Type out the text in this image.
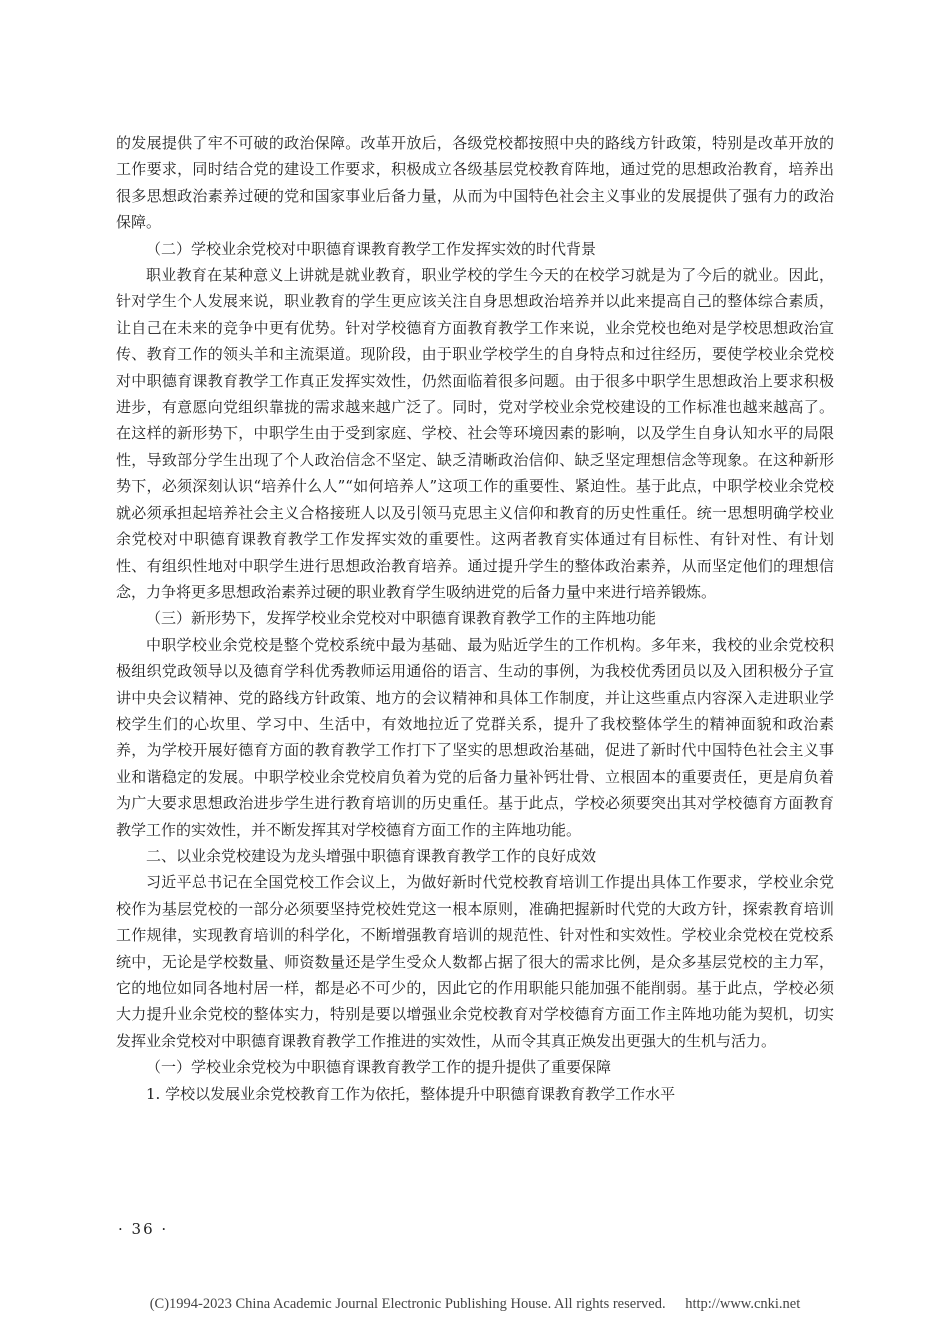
的发展提供了牢不可破的政治保障。改革开放后，各级党校都按照中央的路线方针政策，特别是改革开放的工作要求，同时结合党的建设工作要求，积极成立各级基层党校教育阵地，通过党的思想政治教育，培养出很多思想政治素养过硬的党和国家事业后备力量，从而为中国特色社会主义事业的发展提供了强有力的政治保障。

（二）学校业余党校对中职德育课教育教学工作发挥实效的时代背景

职业教育在某种意义上讲就是就业教育，职业学校的学生今天的在校学习就是为了今后的就业。因此，针对学生个人发展来说，职业教育的学生更应该关注自身思想政治培养并以此来提高自己的整体综合素质，让自己在未来的竞争中更有优势。针对学校德育方面教育教学工作来说，业余党校也绝对是学校思想政治宣传、教育工作的领头羊和主流渠道。现阶段，由于职业学校学生的自身特点和过往经历，要使学校业余党校对中职德育课教育教学工作真正发挥实效性，仍然面临着很多问题。由于很多中职学生思想政治上要求积极进步，有意愿向党组织靠拢的需求越来越广泛了。同时，党对学校业余党校建设的工作标准也越来越高了。在这样的新形势下，中职学生由于受到家庭、学校、社会等环境因素的影响，以及学生自身认知水平的局限性，导致部分学生出现了个人政治信念不坚定、缺乏清晰政治信仰、缺乏坚定理想信念等现象。在这种新形势下，必须深刻认识“培养什么人”“如何培养人”这项工作的重要性、紧迫性。基于此点，中职学校业余党校就必须承担起培养社会主义合格接班人以及引领马克思主义信仰和教育的历史性重任。统一思想明确学校业余党校对中职德育课教育教学工作发挥实效的重要性。这两者教育实体通过有目标性、有针对性、有计划性、有组织性地对中职学生进行思想政治教育培养。通过提升学生的整体政治素养，从而坚定他们的理想信念，力争将更多思想政治素养过硬的职业教育学生吸纳进党的后备力量中来进行培养锻炼。

（三）新形势下，发挥学校业余党校对中职德育课教育教学工作的主阵地功能

中职学校业余党校是整个党校系统中最为基础、最为贴近学生的工作机构。多年来，我校的业余党校积极组织党政领导以及德育学科优秀教师运用通俗的语言、生动的事例，为我校优秀团员以及入团积极分子宣讲中央会议精神、党的路线方针政策、地方的会议精神和具体工作制度，并让这些重点内容深入走进职业学校学生们的心坎里、学习中、生活中，有效地拉近了党群关系，提升了我校整体学生的精神面貌和政治素养，为学校开展好德育方面的教育教学工作打下了坚实的思想政治基础，促进了新时代中国特色社会主义事业和谐稳定的发展。中职学校业余党校肩负着为党的后备力量补钙壮骨、立根固本的重要责任，更是肩负着为广大要求思想政治进步学生进行教育培训的历史重任。基于此点，学校必须要突出其对学校德育方面教育教学工作的实效性，并不断发挥其对学校德育方面工作的主阵地功能。

二、以业余党校建设为龙头增强中职德育课教育教学工作的良好成效

习近平总书记在全国党校工作会议上，为做好新时代党校教育培训工作提出具体工作要求，学校业余党校作为基层党校的一部分必须要坚持党校姓党这一根本原则，准确把握新时代党的大政方针，探索教育培训工作规律，实现教育培训的科学化，不断增强教育培训的规范性、针对性和实效性。学校业余党校在党校系统中，无论是学校数量、师资数量还是学生受众人数都占据了很大的需求比例，是众多基层党校的主力军，它的地位如同各地村居一样，都是必不可少的，因此它的作用职能只能加强不能削弱。基于此点，学校必须大力提升业余党校的整体实力，特别是要以增强业余党校教育对学校德育方面工作主阵地功能为契机，切实发挥业余党校对中职德育课教育教学工作推进的实效性，从而令其真正焕发出更强大的生机与活力。

（一）学校业余党校为中职德育课教育教学工作的提升提供了重要保障

1. 学校以发展业余党校教育工作为依托，整体提升中职德育课教育教学工作水平

· 36 ·
(C)1994-2023 China Academic Journal Electronic Publishing House. All rights reserved. http://www.cnki.net
